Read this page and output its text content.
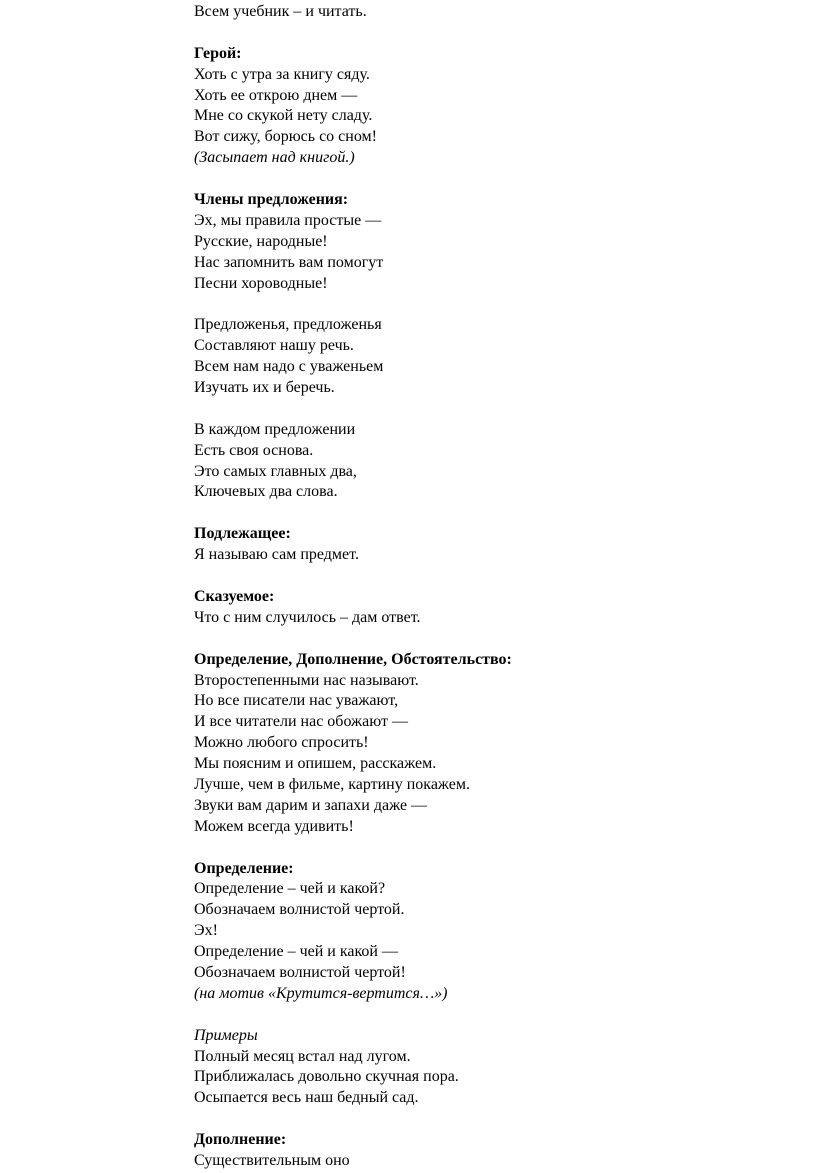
Всем учебник – и читать.
Герой:
Хоть с утра за книгу сяду.
Хоть ее открою днем —
Мне со скукой нету сладу.
Вот сижу, борюсь со сном!
(Засыпает над книгой.)
Члены предложения:
Эх, мы правила простые —
Русские, народные!
Нас запомнить вам помогут
Песни хороводные!
Предложенья, предложенья
Составляют нашу речь.
Всем нам надо с уваженьем
Изучать их и беречь.
В каждом предложении
Есть своя основа.
Это самых главных два,
Ключевых два слова.
Подлежащее:
Я называю сам предмет.
Сказуемое:
Что с ним случилось – дам ответ.
Определение, Дополнение, Обстоятельство:
Второстепенными нас называют.
Но все писатели нас уважают,
И все читатели нас обожают —
Можно любого спросить!
Мы поясним и опишем, расскажем.
Лучше, чем в фильме, картину покажем.
Звуки вам дарим и запахи даже —
Можем всегда удивить!
Определение:
Определение – чей и какой?
Обозначаем волнистой чертой.
Эх!
Определение – чей и какой —
Обозначаем волнистой чертой!
(на мотив «Крутится-вертится…»)
Примеры
Полный месяц встал над лугом.
Приближалась довольно скучная пора.
Осыпается весь наш бедный сад.
Дополнение:
Существительным оно
